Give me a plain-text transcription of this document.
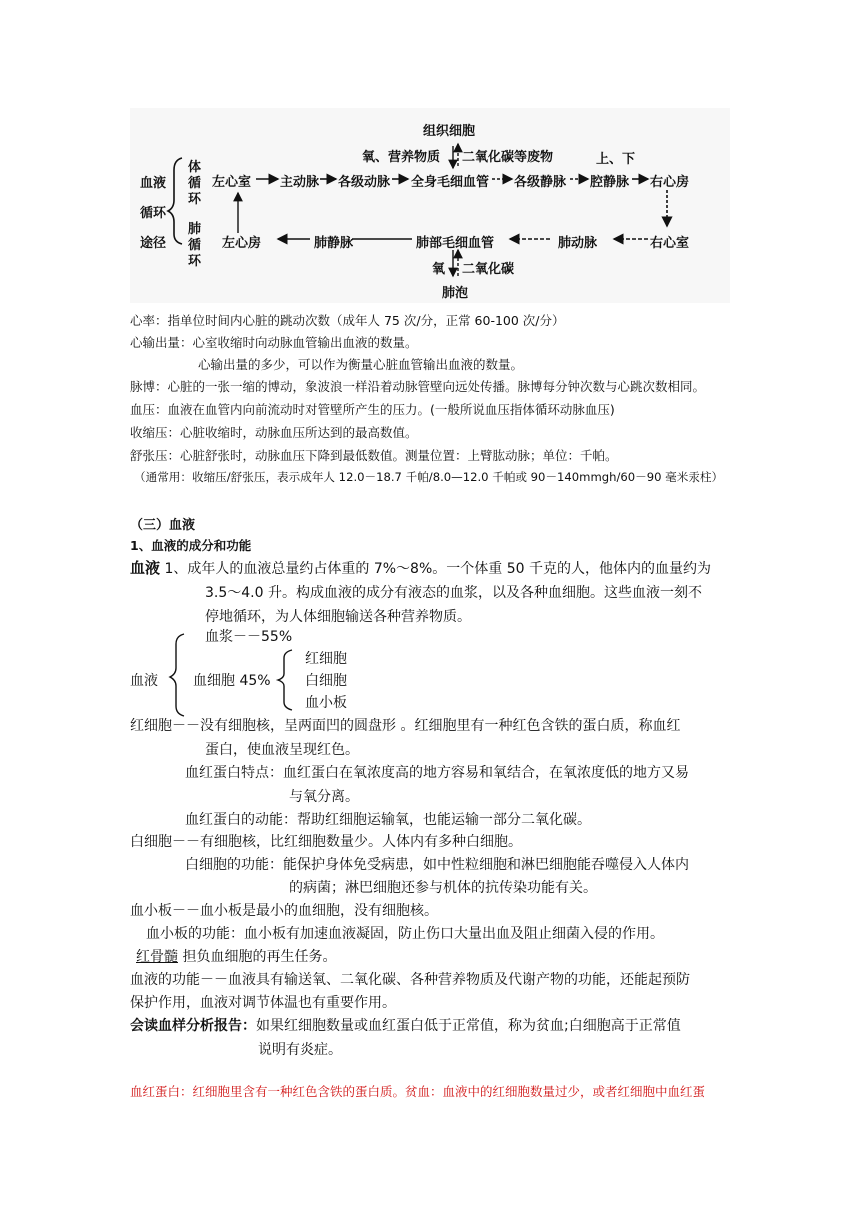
血液
循环
途径
体
循
环
肺
循
环
组织细胞
氧、营养物质 二氧化碳等废物	上、下
左心室 主动脉 各级动脉 全身毛细血管 各级静脉 腔静脉 右心房
左心房	肺静脉	肺部毛细血管	肺动脉	右心室
氧 二氧化碳
肺泡
心率：指单位时间内心脏的跳动次数（成年人 75 次/分，正常 60-100 次/分）
心输出量：心室收缩时向动脉血管输出血液的数量。
心输出量的多少，可以作为衡量心脏血管输出血液的数量。
脉博：心脏的一张一缩的博动，象波浪一样沿着动脉管壁向远处传播。脉博每分钟次数与心跳次数相同。
血压：血液在血管内向前流动时对管壁所产生的压力。(一般所说血压指体循环动脉血压)
收缩压：心脏收缩时，动脉血压所达到的最高数值。
舒张压：心脏舒张时，动脉血压下降到最低数值。测量位置：上臂肱动脉；单位：千帕。
（通常用：收缩压/舒张压，表示成年人 12.0－18.7 千帕/8.0—12.0 千帕或 90－140mmgh/60－90 毫米汞柱）
（三）血液
1、血液的成分和功能
血液 1、成年人的血液总量约占体重的 7%～8%。一个体重 50 千克的人，他体内的血量约为
3.5～4.0 升。构成血液的成分有液态的血浆，以及各种血细胞。这些血液一刻不
停地循环，为人体细胞输送各种营养物质。
血浆－－55%
血液	血细胞 45%
红细胞
白细胞
血小板
红细胞－－没有细胞核，呈两面凹的圆盘形 。红细胞里有一种红色含铁的蛋白质，称血红
蛋白，使血液呈现红色。
血红蛋白特点：血红蛋白在氧浓度高的地方容易和氧结合，在氧浓度低的地方又易
与氧分离。
血红蛋白的动能：帮助红细胞运输氧，也能运输一部分二氧化碳。
白细胞－－有细胞核，比红细胞数量少。人体内有多种白细胞。
白细胞的功能：能保护身体免受病患，如中性粒细胞和淋巴细胞能吞噬侵入人体内
的病菌；淋巴细胞还参与机体的抗传染功能有关。
血小板－－血小板是最小的血细胞，没有细胞核。
血小板的功能：血小板有加速血液凝固，防止伤口大量出血及阻止细菌入侵的作用。
红骨髓 担负血细胞的再生任务。
血液的功能－－血液具有输送氧、二氧化碳、各种营养物质及代谢产物的功能，还能起预防
保护作用，血液对调节体温也有重要作用。
会读血样分析报告：如果红细胞数量或血红蛋白低于正常值，称为贫血;白细胞高于正常值
说明有炎症。
血红蛋白：红细胞里含有一种红色含铁的蛋白质。贫血：血液中的红细胞数量过少，或者红细胞中血红蛋
